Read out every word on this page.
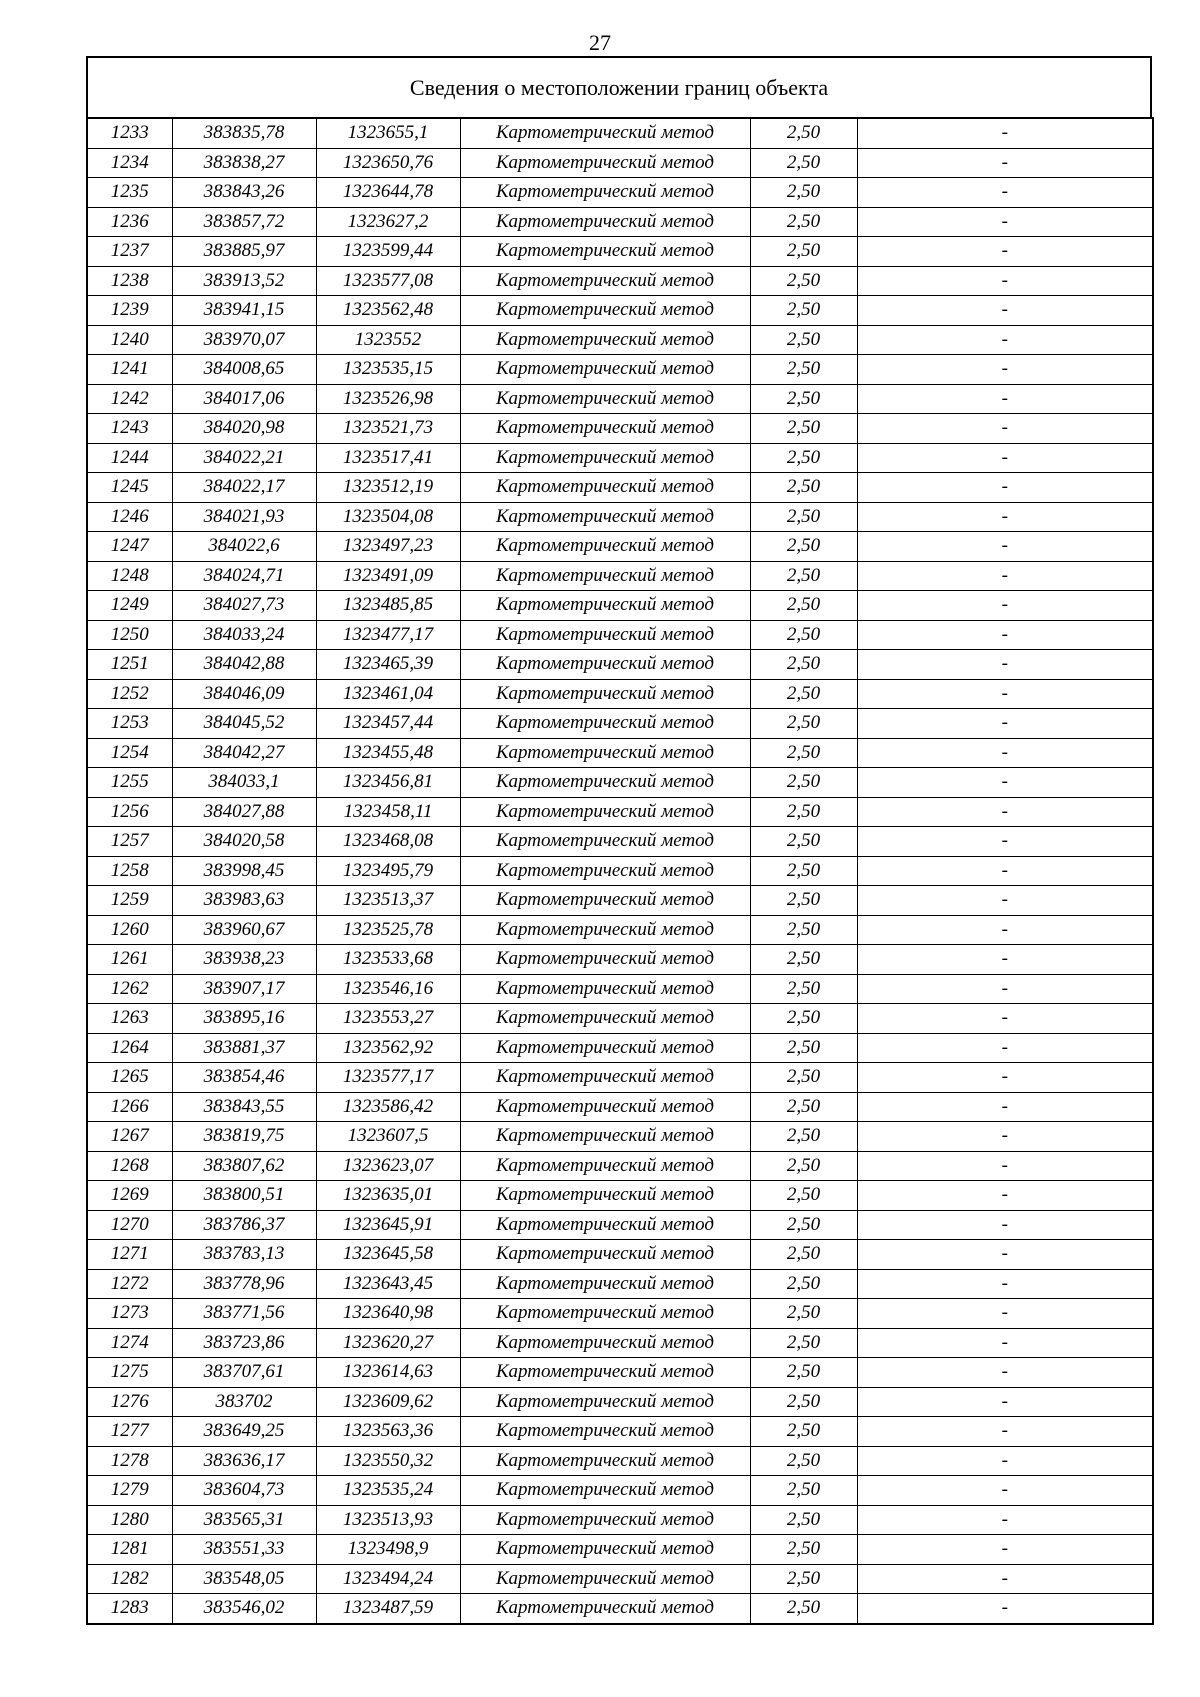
27
Сведения о местоположении границ объекта
1233	383835,78	1323655,1	Картометрический метод	2,50	-
1234	383838,27	1323650,76	Картометрический метод	2,50	-
1235	383843,26	1323644,78	Картометрический метод	2,50	-
1236	383857,72	1323627,2	Картометрический метод	2,50	-
1237	383885,97	1323599,44	Картометрический метод	2,50	-
1238	383913,52	1323577,08	Картометрический метод	2,50	-
1239	383941,15	1323562,48	Картометрический метод	2,50	-
1240	383970,07	1323552	Картометрический метод	2,50	-
1241	384008,65	1323535,15	Картометрический метод	2,50	-
1242	384017,06	1323526,98	Картометрический метод	2,50	-
1243	384020,98	1323521,73	Картометрический метод	2,50	-
1244	384022,21	1323517,41	Картометрический метод	2,50	-
1245	384022,17	1323512,19	Картометрический метод	2,50	-
1246	384021,93	1323504,08	Картометрический метод	2,50	-
1247	384022,6	1323497,23	Картометрический метод	2,50	-
1248	384024,71	1323491,09	Картометрический метод	2,50	-
1249	384027,73	1323485,85	Картометрический метод	2,50	-
1250	384033,24	1323477,17	Картометрический метод	2,50	-
1251	384042,88	1323465,39	Картометрический метод	2,50	-
1252	384046,09	1323461,04	Картометрический метод	2,50	-
1253	384045,52	1323457,44	Картометрический метод	2,50	-
1254	384042,27	1323455,48	Картометрический метод	2,50	-
1255	384033,1	1323456,81	Картометрический метод	2,50	-
1256	384027,88	1323458,11	Картометрический метод	2,50	-
1257	384020,58	1323468,08	Картометрический метод	2,50	-
1258	383998,45	1323495,79	Картометрический метод	2,50	-
1259	383983,63	1323513,37	Картометрический метод	2,50	-
1260	383960,67	1323525,78	Картометрический метод	2,50	-
1261	383938,23	1323533,68	Картометрический метод	2,50	-
1262	383907,17	1323546,16	Картометрический метод	2,50	-
1263	383895,16	1323553,27	Картометрический метод	2,50	-
1264	383881,37	1323562,92	Картометрический метод	2,50	-
1265	383854,46	1323577,17	Картометрический метод	2,50	-
1266	383843,55	1323586,42	Картометрический метод	2,50	-
1267	383819,75	1323607,5	Картометрический метод	2,50	-
1268	383807,62	1323623,07	Картометрический метод	2,50	-
1269	383800,51	1323635,01	Картометрический метод	2,50	-
1270	383786,37	1323645,91	Картометрический метод	2,50	-
1271	383783,13	1323645,58	Картометрический метод	2,50	-
1272	383778,96	1323643,45	Картометрический метод	2,50	-
1273	383771,56	1323640,98	Картометрический метод	2,50	-
1274	383723,86	1323620,27	Картометрический метод	2,50	-
1275	383707,61	1323614,63	Картометрический метод	2,50	-
1276	383702	1323609,62	Картометрический метод	2,50	-
1277	383649,25	1323563,36	Картометрический метод	2,50	-
1278	383636,17	1323550,32	Картометрический метод	2,50	-
1279	383604,73	1323535,24	Картометрический метод	2,50	-
1280	383565,31	1323513,93	Картометрический метод	2,50	-
1281	383551,33	1323498,9	Картометрический метод	2,50	-
1282	383548,05	1323494,24	Картометрический метод	2,50	-
1283	383546,02	1323487,59	Картометрический метод	2,50	-
